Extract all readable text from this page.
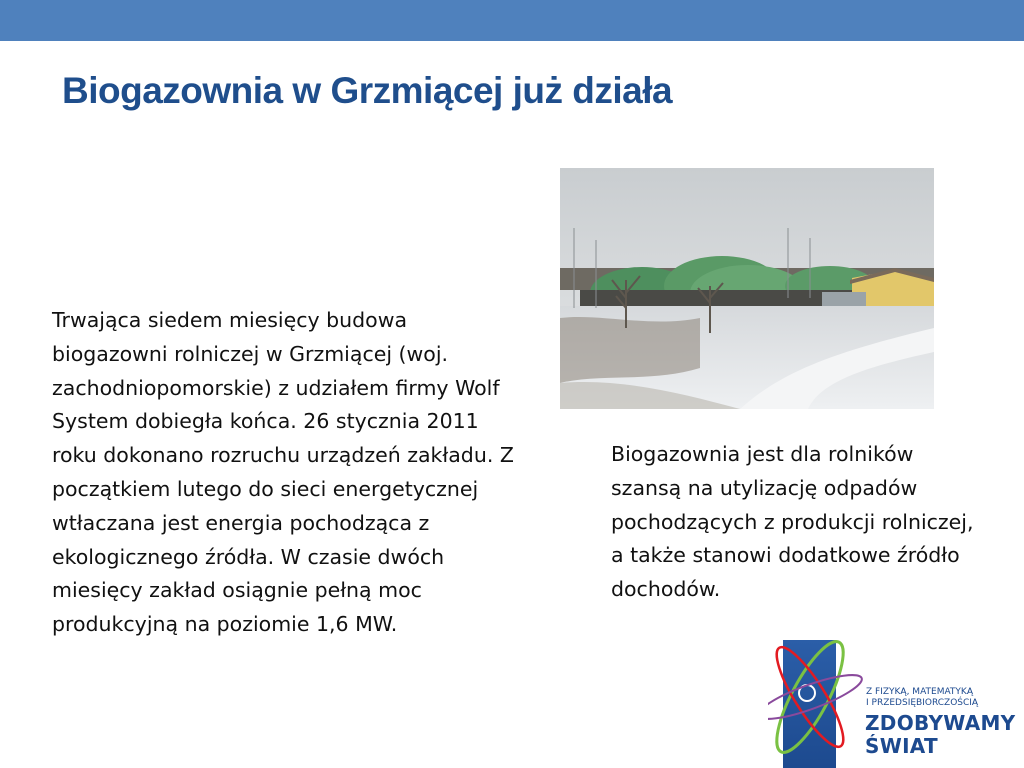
Biogazownia w Grzmiącej już działa

Trwająca siedem miesięcy budowa biogazowni rolniczej w Grzmiącej (woj. zachodniopomorskie) z udziałem firmy Wolf System dobiegła końca. 26 stycznia 2011 roku dokonano rozruchu urządzeń zakładu. Z początkiem lutego do sieci energetycznej wtłaczana jest energia pochodząca z ekologicznego źródła. W czasie dwóch miesięcy zakład osiągnie pełną moc produkcyjną na poziomie 1,6 MW.

Biogazownia jest dla rolników szansą na utylizację odpadów pochodzących z produkcji rolniczej, a także stanowi dodatkowe źródło dochodów.

Z FIZYKĄ, MATEMATYKĄ
I PRZEDSIĘBIORCZOŚCIĄ
ZDOBYWAMY
ŚWIAT
